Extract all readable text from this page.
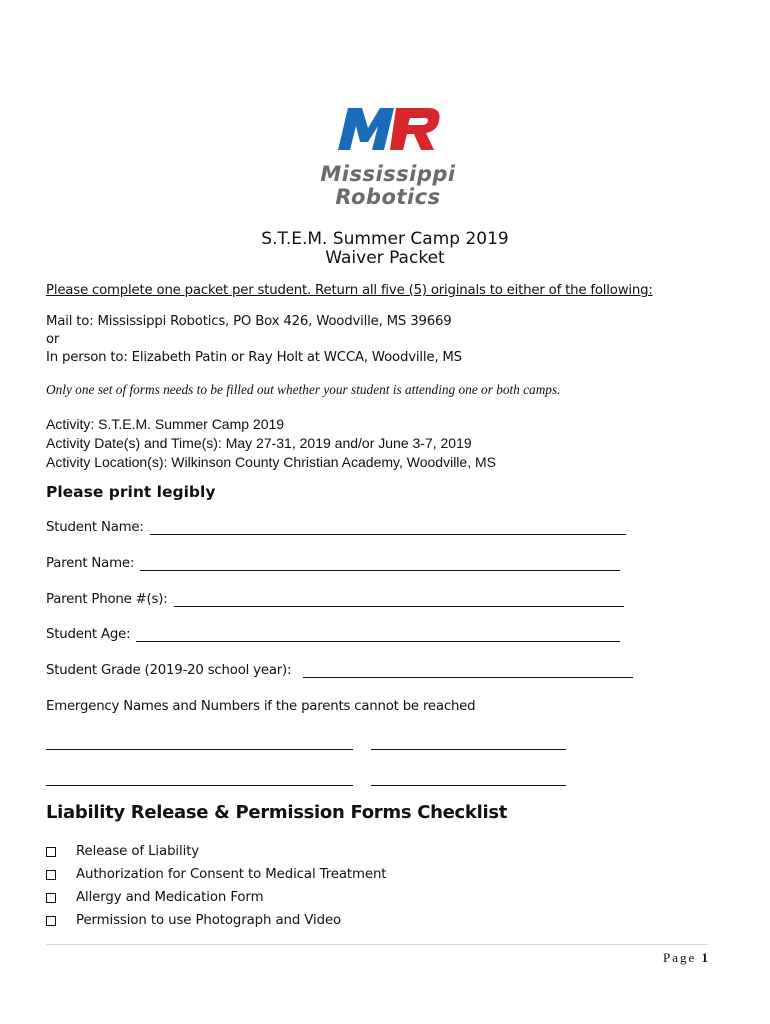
Mississippi
Robotics
S.T.E.M. Summer Camp 2019
Waiver Packet
Please complete one packet per student. Return all five (5) originals to either of the following:
Mail to: Mississippi Robotics, PO Box 426, Woodville, MS 39669
or
In person to: Elizabeth Patin or Ray Holt at WCCA, Woodville, MS
Only one set of forms needs to be filled out whether your student is attending one or both camps.
Activity: S.T.E.M. Summer Camp 2019
Activity Date(s) and Time(s): May 27-31, 2019 and/or June 3-7, 2019
Activity Location(s): Wilkinson County Christian Academy, Woodville, MS
Please print legibly
Student Name:
Parent Name:
Parent Phone #(s):
Student Age:
Student Grade (2019-20 school year):
Emergency Names and Numbers if the parents cannot be reached
Liability Release & Permission Forms Checklist
Release of Liability
Authorization for Consent to Medical Treatment
Allergy and Medication Form
Permission to use Photograph and Video
Page 1
